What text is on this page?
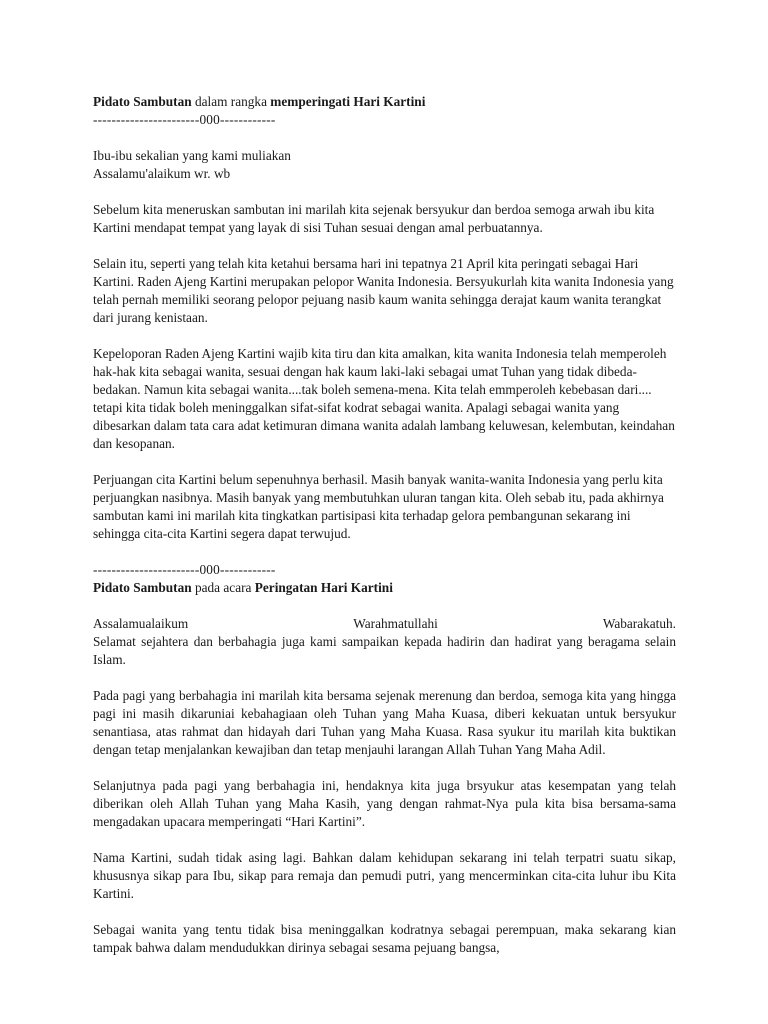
Pidato Sambutan dalam rangka memperingati Hari Kartini

-----------------------000------------

Ibu-ibu sekalian yang kami muliakan
Assalamu'alaikum wr. wb

Sebelum kita meneruskan sambutan ini marilah kita sejenak bersyukur dan berdoa semoga arwah ibu kita Kartini mendapat tempat yang layak di sisi Tuhan sesuai dengan amal perbuatannya.

Selain itu, seperti yang telah kita ketahui bersama hari ini tepatnya 21 April kita peringati sebagai Hari Kartini. Raden Ajeng Kartini merupakan pelopor Wanita Indonesia. Bersyukurlah kita wanita Indonesia yang telah pernah memiliki seorang pelopor pejuang nasib kaum wanita sehingga derajat kaum wanita terangkat dari jurang kenistaan.

Kepeloporan Raden Ajeng Kartini wajib kita tiru dan kita amalkan, kita wanita Indonesia telah memperoleh hak-hak kita sebagai wanita, sesuai dengan hak kaum laki-laki sebagai umat Tuhan yang tidak dibeda-bedakan. Namun kita sebagai wanita....tak boleh semena-mena. Kita telah emmperoleh kebebasan dari.... tetapi kita tidak boleh meninggalkan sifat-sifat kodrat sebagai wanita. Apalagi sebagai wanita yang dibesarkan dalam tata cara adat ketimuran dimana wanita adalah lambang keluwesan, kelembutan, keindahan dan kesopanan.

Perjuangan cita Kartini belum sepenuhnya berhasil. Masih banyak wanita-wanita Indonesia yang perlu kita perjuangkan nasibnya. Masih banyak yang membutuhkan uluran tangan kita. Oleh sebab itu, pada akhirnya sambutan kami ini marilah kita tingkatkan partisipasi kita terhadap gelora pembangunan sekarang ini sehingga cita-cita Kartini segera dapat terwujud.

-----------------------000------------

Pidato Sambutan pada acara Peringatan Hari Kartini

Assalamualaikum	Warahmatullahi	Wabarakatuh.
Selamat sejahtera dan berbahagia juga kami sampaikan kepada hadirin dan hadirat yang beragama selain Islam.

Pada pagi yang berbahagia ini marilah kita bersama sejenak merenung dan berdoa, semoga kita yang hingga pagi ini masih dikaruniai kebahagiaan oleh Tuhan yang Maha Kuasa, diberi kekuatan untuk bersyukur senantiasa, atas rahmat dan hidayah dari Tuhan yang Maha Kuasa. Rasa syukur itu marilah kita buktikan dengan tetap menjalankan kewajiban dan tetap menjauhi larangan Allah Tuhan Yang Maha Adil.

Selanjutnya pada pagi yang berbahagia ini, hendaknya kita juga brsyukur atas kesempatan yang telah diberikan oleh Allah Tuhan yang Maha Kasih, yang dengan rahmat-Nya pula kita bisa bersama-sama mengadakan upacara memperingati “Hari Kartini”.

Nama Kartini, sudah tidak asing lagi. Bahkan dalam kehidupan sekarang ini telah terpatri suatu sikap, khususnya sikap para Ibu, sikap para remaja dan pemudi putri, yang mencerminkan cita-cita luhur ibu Kita Kartini.

Sebagai wanita yang tentu tidak bisa meninggalkan kodratnya sebagai perempuan, maka sekarang kian tampak bahwa dalam mendudukkan dirinya sebagai sesama pejuang bangsa,
